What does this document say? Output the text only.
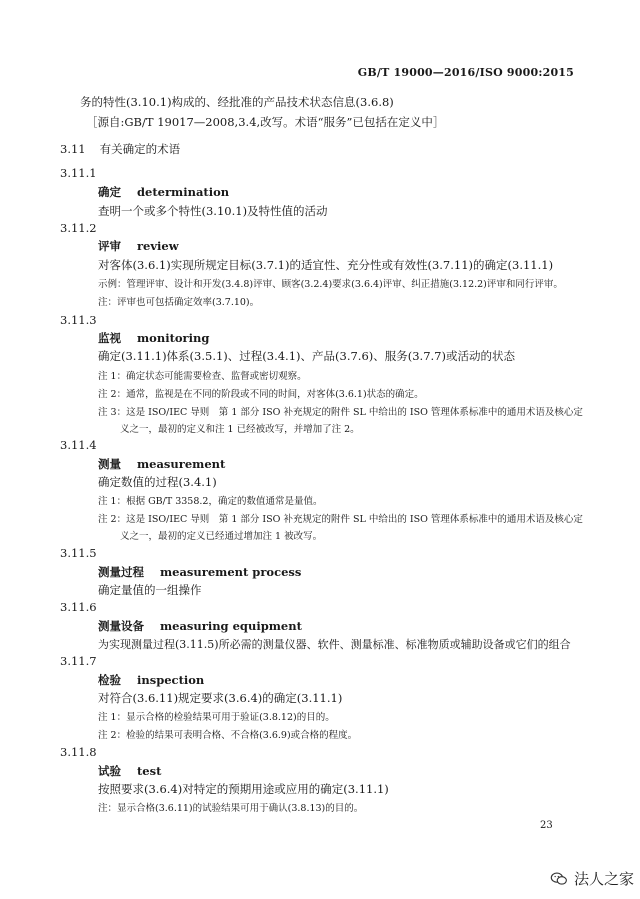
GB/T 19000—2016/ISO 9000:2015
务的特性(3.10.1)构成的、经批准的产品技术状态信息(3.6.8)
［源自:GB/T 19017—2008,3.4,改写。术语“服务”已包括在定义中］
3.11 有关确定的术语
3.11.1
确定 determination
查明一个或多个特性(3.10.1)及特性值的活动
3.11.2
评审 review
对客体(3.6.1)实现所规定目标(3.7.1)的适宜性、充分性或有效性(3.7.11)的确定(3.11.1)
示例：管理评审、设计和开发(3.4.8)评审、顾客(3.2.4)要求(3.6.4)评审、纠正措施(3.12.2)评审和同行评审。
注：评审也可包括确定效率(3.7.10)。
3.11.3
监视 monitoring
确定(3.11.1)体系(3.5.1)、过程(3.4.1)、产品(3.7.6)、服务(3.7.7)或活动的状态
注 1：确定状态可能需要检查、监督或密切观察。
注 2：通常，监视是在不同的阶段或不同的时间，对客体(3.6.1)状态的确定。
注 3：这是 ISO/IEC 导则　第 1 部分 ISO 补充规定的附件 SL 中给出的 ISO 管理体系标准中的通用术语及核心定
义之一，最初的定义和注 1 已经被改写，并增加了注 2。
3.11.4
测量 measurement
确定数值的过程(3.4.1)
注 1：根据 GB/T 3358.2，确定的数值通常是量值。
注 2：这是 ISO/IEC 导则　第 1 部分 ISO 补充规定的附件 SL 中给出的 ISO 管理体系标准中的通用术语及核心定
义之一，最初的定义已经通过增加注 1 被改写。
3.11.5
测量过程 measurement process
确定量值的一组操作
3.11.6
测量设备 measuring equipment
为实现测量过程(3.11.5)所必需的测量仪器、软件、测量标准、标准物质或辅助设备或它们的组合
3.11.7
检验 inspection
对符合(3.6.11)规定要求(3.6.4)的确定(3.11.1)
注 1：显示合格的检验结果可用于验证(3.8.12)的目的。
注 2：检验的结果可表明合格、不合格(3.6.9)或合格的程度。
3.11.8
试验 test
按照要求(3.6.4)对特定的预期用途或应用的确定(3.11.1)
注：显示合格(3.6.11)的试验结果可用于确认(3.8.13)的目的。
23
法人之家
